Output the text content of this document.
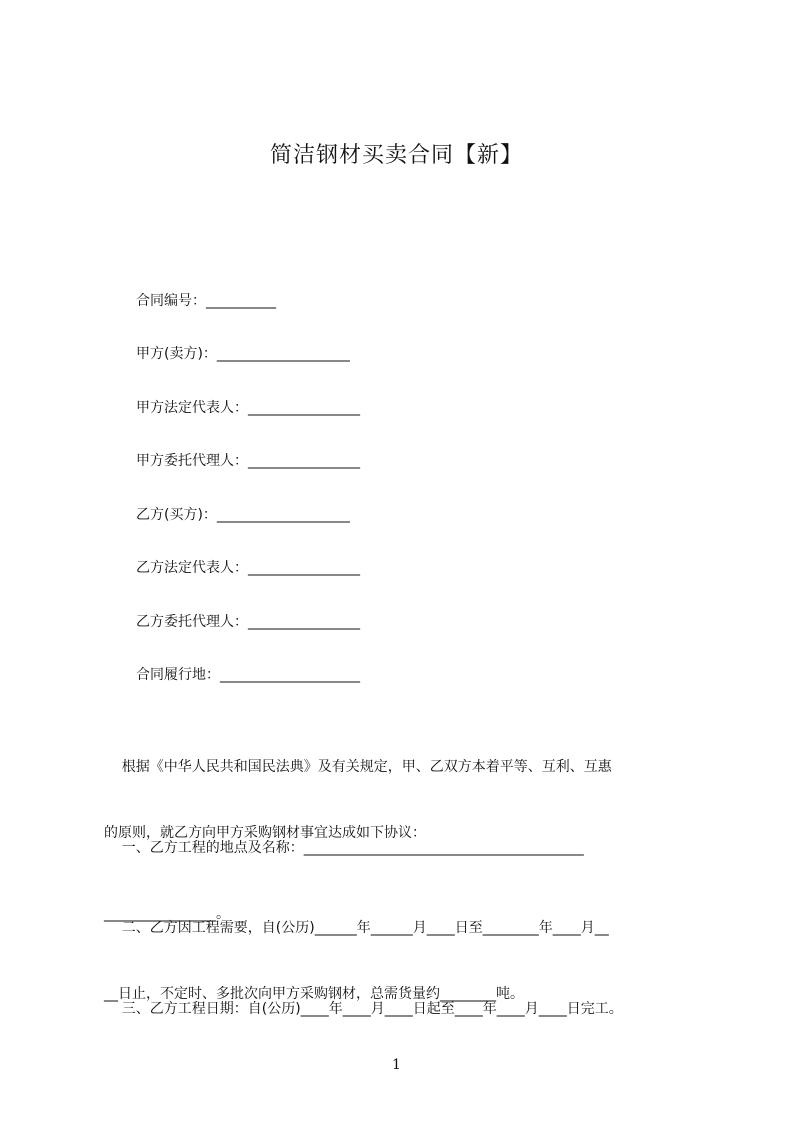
简洁钢材买卖合同【新】
合同编号：__________
甲方(卖方)：___________________
甲方法定代表人：________________
甲方委托代理人：________________
乙方(买方)：___________________
乙方法定代表人：________________
乙方委托代理人：________________
合同履行地：____________________

根据《中华人民共和国民法典》及有关规定，甲、乙双方本着平等、互利、互惠

的原则，就乙方向甲方采购钢材事宜达成如下协议：

一、乙方工程的地点及名称：________________________________________

________________。

二、乙方因工程需要，自(公历)______年______月____日至________年____月__

__日止，不定时、多批次向甲方采购钢材，总需货量约________吨。

三、乙方工程日期：自(公历)____年____月____日起至____年____月____日完工。

1
